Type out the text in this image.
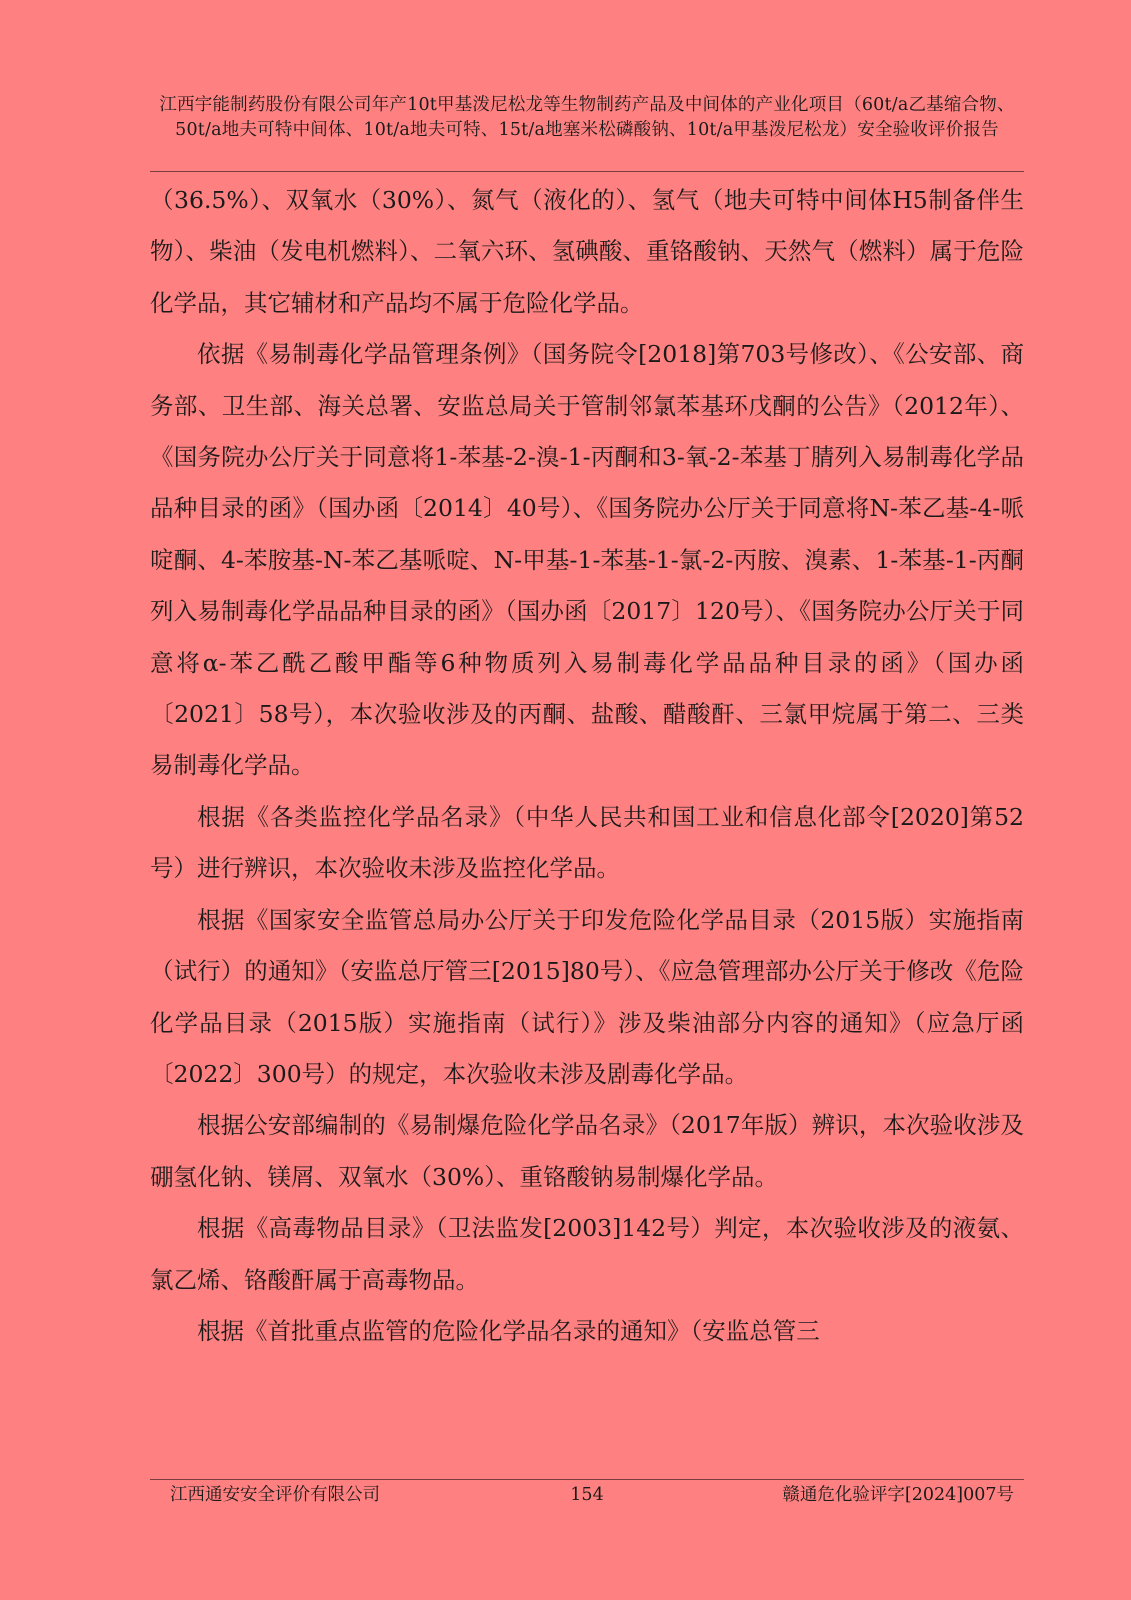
江西宇能制药股份有限公司年产10t甲基泼尼松龙等生物制药产品及中间体的产业化项目（60t/a乙基缩合物、50t/a地夫可特中间体、10t/a地夫可特、15t/a地塞米松磷酸钠、10t/a甲基泼尼松龙）安全验收评价报告

（36.5%）、双氧水（30%）、氮气（液化的）、氢气（地夫可特中间体H5制备伴生物）、柴油（发电机燃料）、二氧六环、氢碘酸、重铬酸钠、天然气（燃料）属于危险化学品，其它辅材和产品均不属于危险化学品。

依据《易制毒化学品管理条例》（国务院令[2018]第703号修改）、《公安部、商务部、卫生部、海关总署、安监总局关于管制邻氯苯基环戊酮的公告》（2012年）、《国务院办公厅关于同意将1-苯基-2-溴-1-丙酮和3-氧-2-苯基丁腈列入易制毒化学品品种目录的函》（国办函〔2014〕40号）、《国务院办公厅关于同意将N-苯乙基-4-哌啶酮、4-苯胺基-N-苯乙基哌啶、N-甲基-1-苯基-1-氯-2-丙胺、溴素、1-苯基-1-丙酮列入易制毒化学品品种目录的函》（国办函〔2017〕120号）、《国务院办公厅关于同意将α-苯乙酰乙酸甲酯等6种物质列入易制毒化学品品种目录的函》（国办函〔2021〕58号），本次验收涉及的丙酮、盐酸、醋酸酐、三氯甲烷属于第二、三类易制毒化学品。

根据《各类监控化学品名录》（中华人民共和国工业和信息化部令[2020]第52号）进行辨识，本次验收未涉及监控化学品。

根据《国家安全监管总局办公厅关于印发危险化学品目录（2015版）实施指南（试行）的通知》（安监总厅管三[2015]80号）、《应急管理部办公厅关于修改《危险化学品目录（2015版）实施指南（试行）》涉及柴油部分内容的通知》（应急厅函〔2022〕300号）的规定，本次验收未涉及剧毒化学品。

根据公安部编制的《易制爆危险化学品名录》（2017年版）辨识，本次验收涉及硼氢化钠、镁屑、双氧水（30%）、重铬酸钠易制爆化学品。

根据《高毒物品目录》（卫法监发[2003]142号）判定，本次验收涉及的液氨、氯乙烯、铬酸酐属于高毒物品。

根据《首批重点监管的危险化学品名录的通知》（安监总管三

江西通安安全评价有限公司	154	赣通危化验评字[2024]007号
